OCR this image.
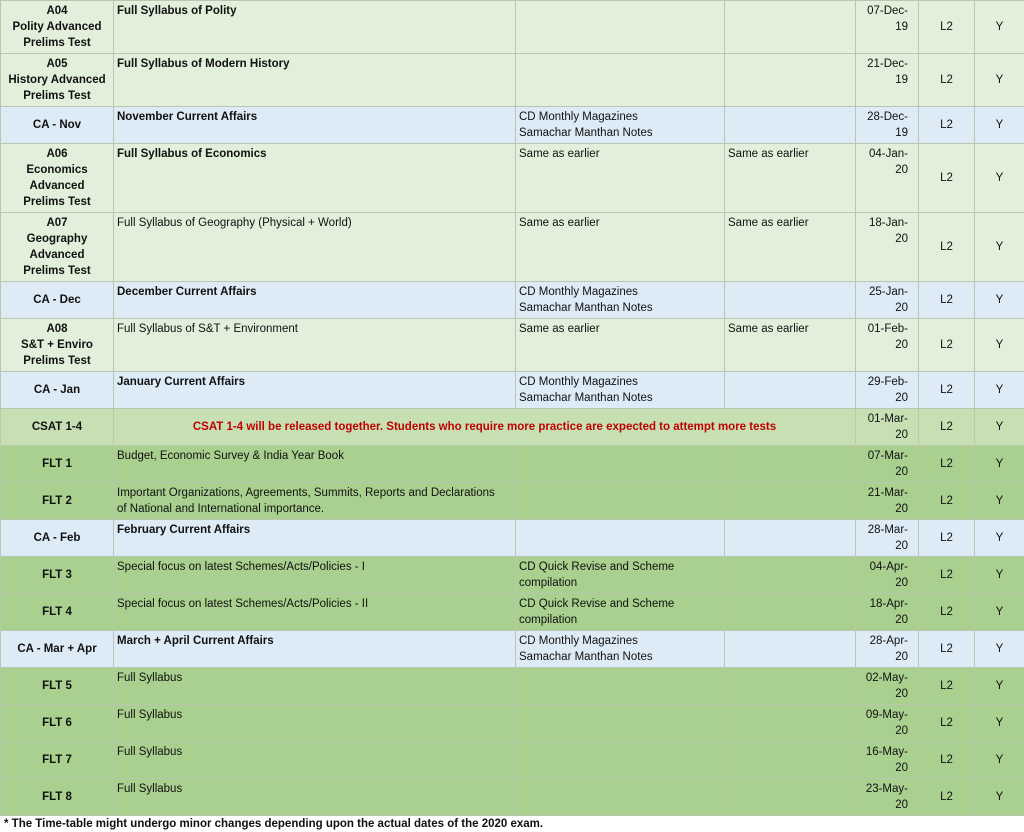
A04
Polity Advanced
Prelims Test	Full Syllabus of Polity			07-Dec-19	L2	Y
A05
History Advanced
Prelims Test	Full Syllabus of Modern History			21-Dec-19	L2	Y
CA - Nov	November Current Affairs	CD Monthly Magazines
Samachar Manthan Notes		28-Dec-19	L2	Y
A06
Economics
Advanced
Prelims Test	Full Syllabus of Economics	Same as earlier	Same as earlier	04-Jan-20	L2	Y
A07
Geography
Advanced
Prelims Test	Full Syllabus of Geography (Physical + World)	Same as earlier	Same as earlier	18-Jan-20	L2	Y
CA - Dec	December Current Affairs	CD Monthly Magazines
Samachar Manthan Notes		25-Jan-20	L2	Y
A08
S&T + Enviro
Prelims Test	Full Syllabus of S&T + Environment	Same as earlier	Same as earlier	01-Feb-20	L2	Y
CA - Jan	January Current Affairs	CD Monthly Magazines
Samachar Manthan Notes		29-Feb-20	L2	Y
CSAT 1-4	CSAT 1-4 will be released together. Students who require more practice are expected to attempt more tests			01-Mar-20	L2	Y
FLT 1	Budget, Economic Survey & India Year Book			07-Mar-20	L2	Y
FLT 2	Important Organizations, Agreements, Summits, Reports and Declarations
of National and International importance.			21-Mar-20	L2	Y
CA - Feb	February Current Affairs			28-Mar-20	L2	Y
FLT 3	Special focus on latest Schemes/Acts/Policies - I	CD Quick Revise and Scheme
compilation		04-Apr-20	L2	Y
FLT 4	Special focus on latest Schemes/Acts/Policies - II	CD Quick Revise and Scheme
compilation		18-Apr-20	L2	Y
CA - Mar + Apr	March + April Current Affairs	CD Monthly Magazines
Samachar Manthan Notes		28-Apr-20	L2	Y
FLT 5	Full Syllabus			02-May-20	L2	Y
FLT 6	Full Syllabus			09-May-20	L2	Y
FLT 7	Full Syllabus			16-May-20	L2	Y
FLT 8	Full Syllabus			23-May-20	L2	Y
* The Time-table might undergo minor changes depending upon the actual dates of the 2020 exam.
